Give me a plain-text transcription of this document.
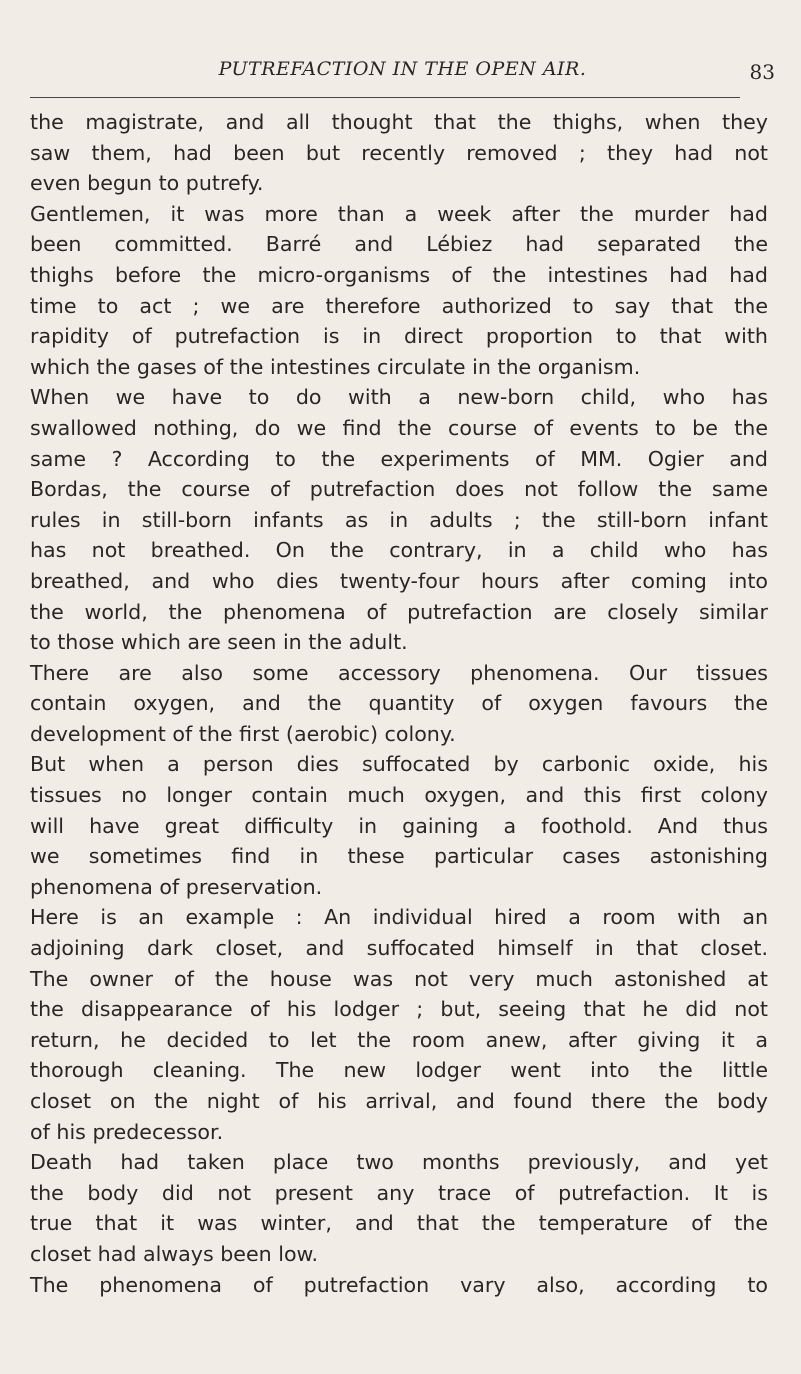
PUTREFACTION IN THE OPEN AIR.	83
the magistrate, and all thought that the thighs, when they
saw them, had been but recently removed ; they had not
even begun to putrefy.
Gentlemen, it was more than a week after the murder had
been committed. Barré and Lébiez had separated the
thighs before the micro-organisms of the intestines had had
time to act ; we are therefore authorized to say that the
rapidity of putrefaction is in direct proportion to that with
which the gases of the intestines circulate in the organism.
When we have to do with a new-born child, who has
swallowed nothing, do we find the course of events to be the
same ? According to the experiments of MM. Ogier and
Bordas, the course of putrefaction does not follow the same
rules in still-born infants as in adults ; the still-born infant
has not breathed. On the contrary, in a child who has
breathed, and who dies twenty-four hours after coming into
the world, the phenomena of putrefaction are closely similar
to those which are seen in the adult.
There are also some accessory phenomena. Our tissues
contain oxygen, and the quantity of oxygen favours the
development of the first (aerobic) colony.
But when a person dies suffocated by carbonic oxide, his
tissues no longer contain much oxygen, and this first colony
will have great difficulty in gaining a foothold. And thus
we sometimes find in these particular cases astonishing
phenomena of preservation.
Here is an example : An individual hired a room with an
adjoining dark closet, and suffocated himself in that closet.
The owner of the house was not very much astonished at
the disappearance of his lodger ; but, seeing that he did not
return, he decided to let the room anew, after giving it a
thorough cleaning. The new lodger went into the little
closet on the night of his arrival, and found there the body
of his predecessor.
Death had taken place two months previously, and yet
the body did not present any trace of putrefaction. It is
true that it was winter, and that the temperature of the
closet had always been low.
The phenomena of putrefaction vary also, according to
